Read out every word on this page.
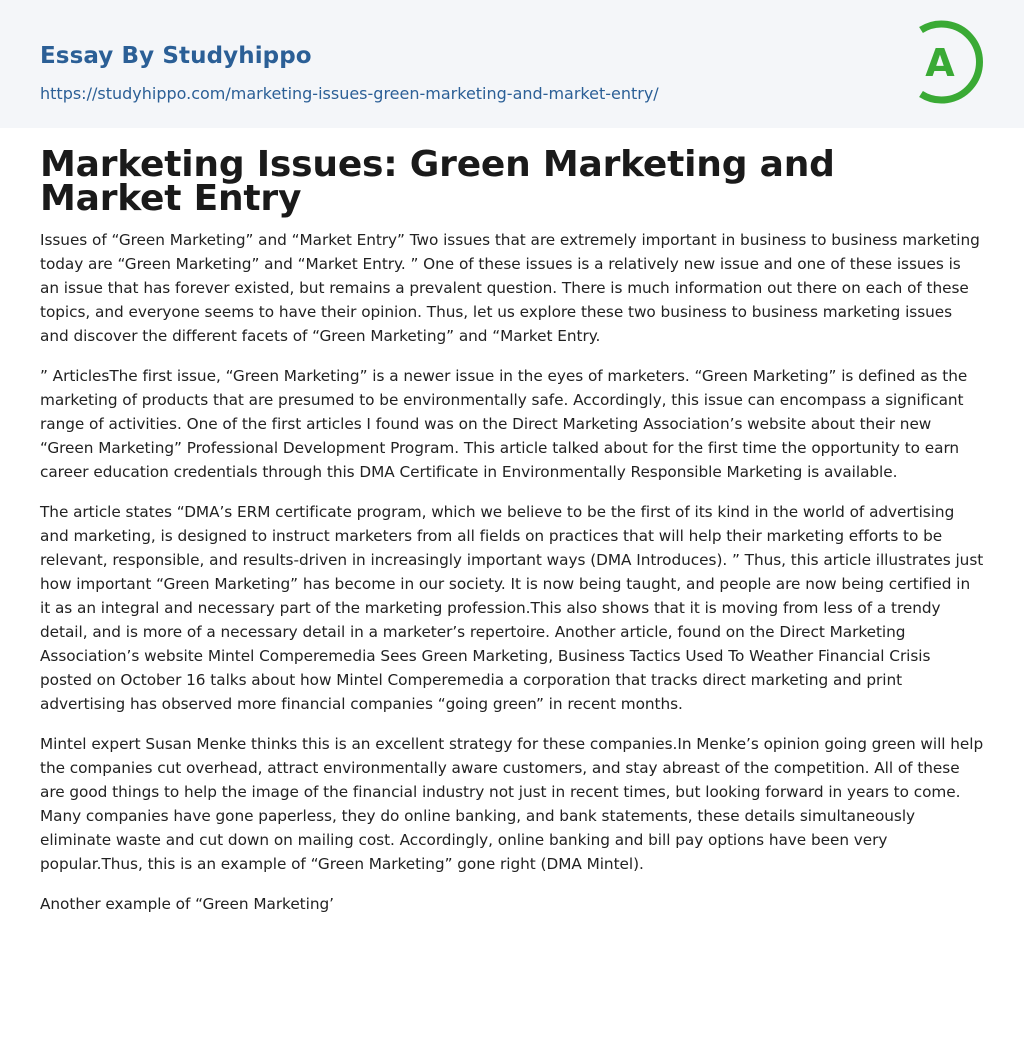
Essay By Studyhippo
https://studyhippo.com/marketing-issues-green-marketing-and-market-entry/
A
Marketing Issues: Green Marketing and Market Entry

Issues of “Green Marketing” and “Market Entry” Two issues that are extremely important in business to business marketing today are “Green Marketing” and “Market Entry. ” One of these issues is a relatively new issue and one of these issues is an issue that has forever existed, but remains a prevalent question. There is much information out there on each of these topics, and everyone seems to have their opinion. Thus, let us explore these two business to business marketing issues and discover the different facets of “Green Marketing” and “Market Entry.

” ArticlesThe first issue, “Green Marketing” is a newer issue in the eyes of marketers. “Green Marketing” is defined as the marketing of products that are presumed to be environmentally safe. Accordingly, this issue can encompass a significant range of activities. One of the first articles I found was on the Direct Marketing Association’s website about their new “Green Marketing” Professional Development Program. This article talked about for the first time the opportunity to earn career education credentials through this DMA Certificate in Environmentally Responsible Marketing is available.

The article states “DMA’s ERM certificate program, which we believe to be the first of its kind in the world of advertising and marketing, is designed to instruct marketers from all fields on practices that will help their marketing efforts to be relevant, responsible, and results-driven in increasingly important ways (DMA Introduces). ” Thus, this article illustrates just how important “Green Marketing” has become in our society. It is now being taught, and people are now being certified in it as an integral and necessary part of the marketing profession.This also shows that it is moving from less of a trendy detail, and is more of a necessary detail in a marketer’s repertoire. Another article, found on the Direct Marketing Association’s website Mintel Comperemedia Sees Green Marketing, Business Tactics Used To Weather Financial Crisis posted on October 16 talks about how Mintel Comperemedia a corporation that tracks direct marketing and print advertising has observed more financial companies “going green” in recent months.

Mintel expert Susan Menke thinks this is an excellent strategy for these companies.In Menke’s opinion going green will help the companies cut overhead, attract environmentally aware customers, and stay abreast of the competition. All of these are good things to help the image of the financial industry not just in recent times, but looking forward in years to come. Many companies have gone paperless, they do online banking, and bank statements, these details simultaneously eliminate waste and cut down on mailing cost. Accordingly, online banking and bill pay options have been very popular.Thus, this is an example of “Green Marketing” gone right (DMA Mintel).

Another example of “Green Marketing’
